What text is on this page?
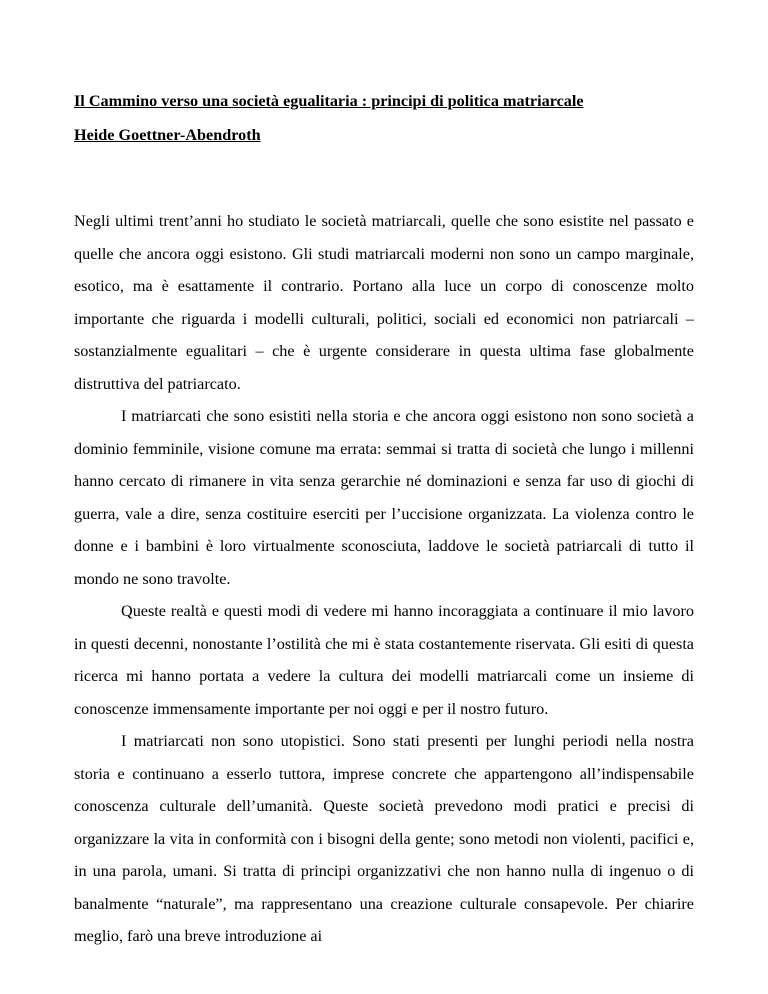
Il Cammino verso una società egualitaria : principi di politica matriarcale

Heide Goettner-Abendroth

Negli ultimi trent’anni ho studiato le società matriarcali, quelle che sono esistite nel passato e quelle che ancora oggi esistono. Gli studi matriarcali moderni non sono un campo marginale, esotico, ma è esattamente il contrario. Portano alla luce un corpo di conoscenze molto importante che riguarda i modelli culturali, politici, sociali ed economici non patriarcali – sostanzialmente egualitari – che è urgente considerare in questa ultima fase globalmente distruttiva del patriarcato.

I matriarcati che sono esistiti nella storia e che ancora oggi esistono non sono società a dominio femminile, visione comune ma errata: semmai si tratta di società che lungo i millenni hanno cercato di rimanere in vita senza gerarchie né dominazioni e senza far uso di giochi di guerra, vale a dire, senza costituire eserciti per l’uccisione organizzata. La violenza contro le donne e i bambini è loro virtualmente sconosciuta, laddove le società patriarcali di tutto il mondo ne sono travolte.

Queste realtà e questi modi di vedere mi hanno incoraggiata a continuare il mio lavoro in questi decenni, nonostante l’ostilità che mi è stata costantemente riservata. Gli esiti di questa ricerca mi hanno portata a vedere la cultura dei modelli matriarcali come un insieme di conoscenze immensamente importante per noi oggi e per il nostro futuro.

I matriarcati non sono utopistici. Sono stati presenti per lunghi periodi nella nostra storia e continuano a esserlo tuttora, imprese concrete che appartengono all’indispensabile conoscenza culturale dell’umanità. Queste società prevedono modi pratici e precisi di organizzare la vita in conformità con i bisogni della gente; sono metodi non violenti, pacifici e, in una parola, umani. Si tratta di principi organizzativi che non hanno nulla di ingenuo o di banalmente “naturale”, ma rappresentano una creazione culturale consapevole. Per chiarire meglio, farò una breve introduzione ai
